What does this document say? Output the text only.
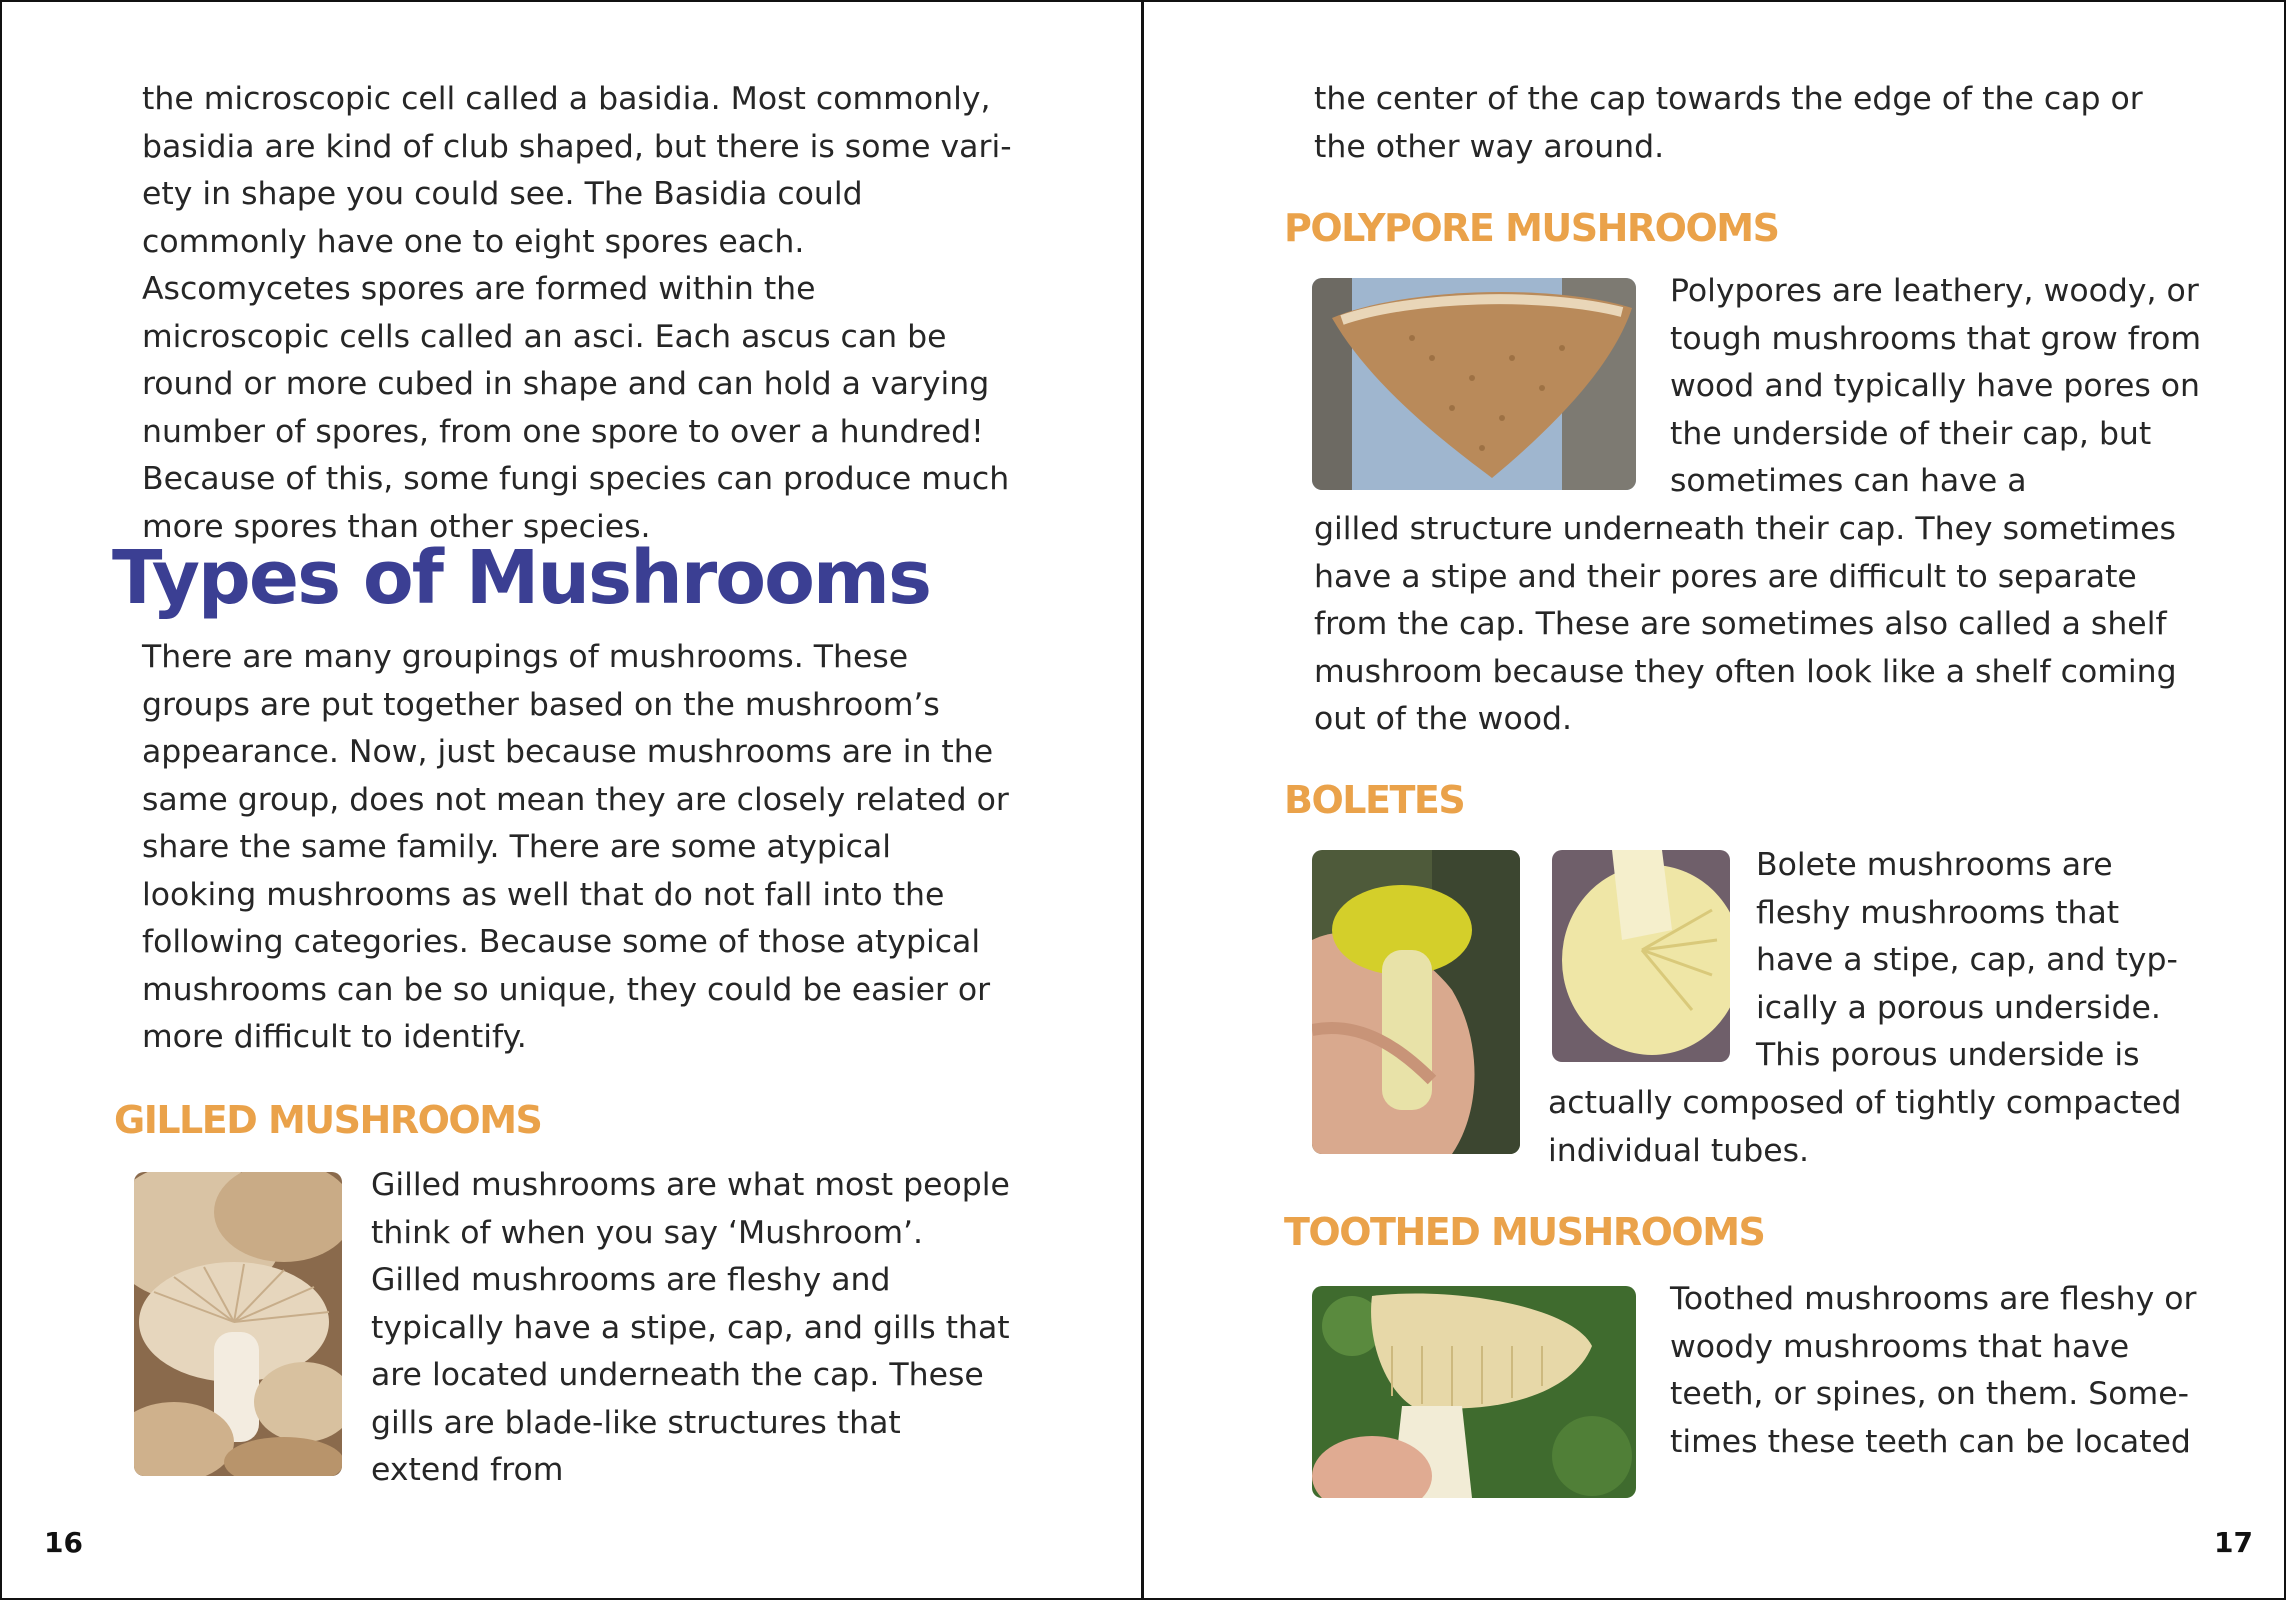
the microscopic cell called a basidia. Most commonly, basidia are kind of club shaped, but there is some vari-ety in shape you could see. The Basidia could commonly have one to eight spores each. Ascomycetes spores are formed within the microscopic cells called an asci. Each ascus can be round or more cubed in shape and can hold a varying number of spores, from one spore to over a hundred! Because of this, some fungi species can produce much more spores than other species.

Types of Mushrooms

There are many groupings of mushrooms. These groups are put together based on the mushroom’s appearance. Now, just because mushrooms are in the same group, does not mean they are closely related or share the same family. There are some atypical looking mushrooms as well that do not fall into the following categories. Because some of those atypical mushrooms can be so unique, they could be easier or more difficult to identify.

GILLED MUSHROOMS

Gilled mushrooms are what most people think of when you say ‘Mushroom’. Gilled mushrooms are fleshy and typically have a stipe, cap, and gills that are located underneath the cap. These gills are blade-like structures that extend from

16

the center of the cap towards the edge of the cap or the other way around.

POLYPORE MUSHROOMS

Polypores are leathery, woody, or tough mushrooms that grow from wood and typically have pores on the underside of their cap, but sometimes can have a

gilled structure underneath their cap. They sometimes have a stipe and their pores are difficult to separate from the cap. These are sometimes also called a shelf mushroom because they often look like a shelf coming out of the wood.

BOLETES

Bolete mushrooms are fleshy mushrooms that have a stipe, cap, and typ-ically a porous underside. This porous underside is

actually composed of tightly compacted individual tubes.

TOOTHED MUSHROOMS

Toothed mushrooms are fleshy or woody mushrooms that have teeth, or spines, on them. Some-times these teeth can be located

17
